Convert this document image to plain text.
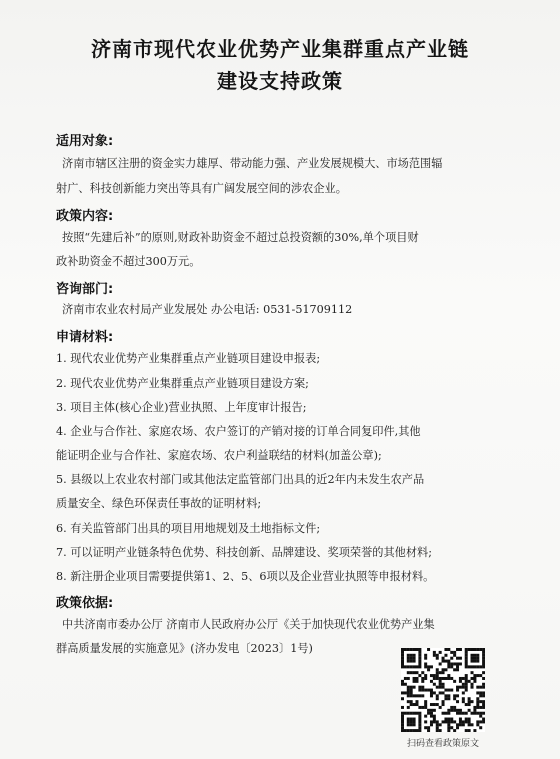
济南市现代农业优势产业集群重点产业链
建设支持政策
适用对象:
济南市辖区注册的资金实力雄厚、带动能力强、产业发展规模大、市场范围辐
射广、科技创新能力突出等具有广阔发展空间的涉农企业。
政策内容:
按照“先建后补”的原则,财政补助资金不超过总投资额的30%,单个项目财
政补助资金不超过300万元。
咨询部门:
济南市农业农村局产业发展处 办公电话: 0531-51709112
申请材料:
1. 现代农业优势产业集群重点产业链项目建设申报表;
2. 现代农业优势产业集群重点产业链项目建设方案;
3. 项目主体(核心企业)营业执照、上年度审计报告;
4. 企业与合作社、家庭农场、农户签订的产销对接的订单合同复印件,其他
能证明企业与合作社、家庭农场、农户利益联结的材料(加盖公章);
5. 县级以上农业农村部门或其他法定监管部门出具的近2年内未发生农产品
质量安全、绿色环保责任事故的证明材料;
6. 有关监管部门出具的项目用地规划及土地指标文件;
7. 可以证明产业链条特色优势、科技创新、品牌建设、奖项荣誉的其他材料;
8. 新注册企业项目需要提供第1、2、5、6项以及企业营业执照等申报材料。
政策依据:
中共济南市委办公厅 济南市人民政府办公厅《关于加快现代农业优势产业集
群高质量发展的实施意见》(济办发电〔2023〕1号)
扫码查看政策原文
